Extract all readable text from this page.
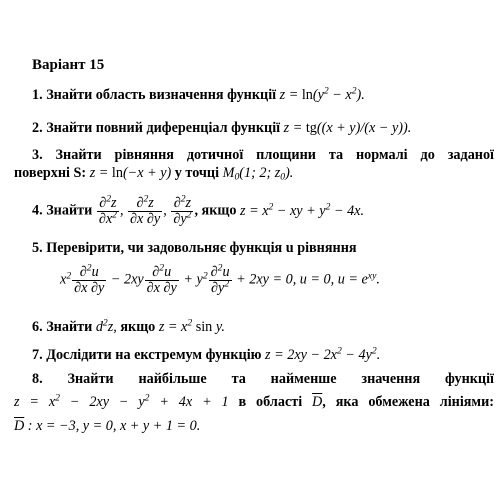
Варіант 15
1. Знайти область визначення функції $z = \ln(y^2 - x^2)$.
2. Знайти повний диференціал функції z = tg((x + y)/(x − y)).
3. Знайти рівняння дотичної площини та нормалі до заданої
поверхні S: z = ln(−x + y) у точці $M_0(1$; 2; $z_0$).
4. Знайти $\frac{\partial^2z}{\partial x^2}$ , $\frac{\partial^2z}{\partial x \partial y}$ , $\frac{\partial^2z}{\partial y^2}$ , якщо $z = x^2$ − xy + $y^2 - 4x$.
5. Перевірити, чи задовольняє функція u рівняння
$x^2 \frac{\partial^2u}{\partial x \partial y} - 2xy \frac{\partial^2u}{\partial x \partial y} + y^2 \frac{\partial^2u}{\partial y^2} + 2xy = 0$, u = 0, $u = e^{xy}$.
6. Знайти $d^2z$, якщо $z = x^2$ sin y.
7. Дослідити на екстремум функцію $z = 2xy - 2x^2 - 4y^2$.
8. Знайти найбільше та найменше значення функції
$z = x^2 - 2xy - y^2 + 4x + 1$ в області $\overline{D}$, яка обмежена лініями:
$\overline{D}$ : x = −3, y = 0, x + y + 1 = 0.
